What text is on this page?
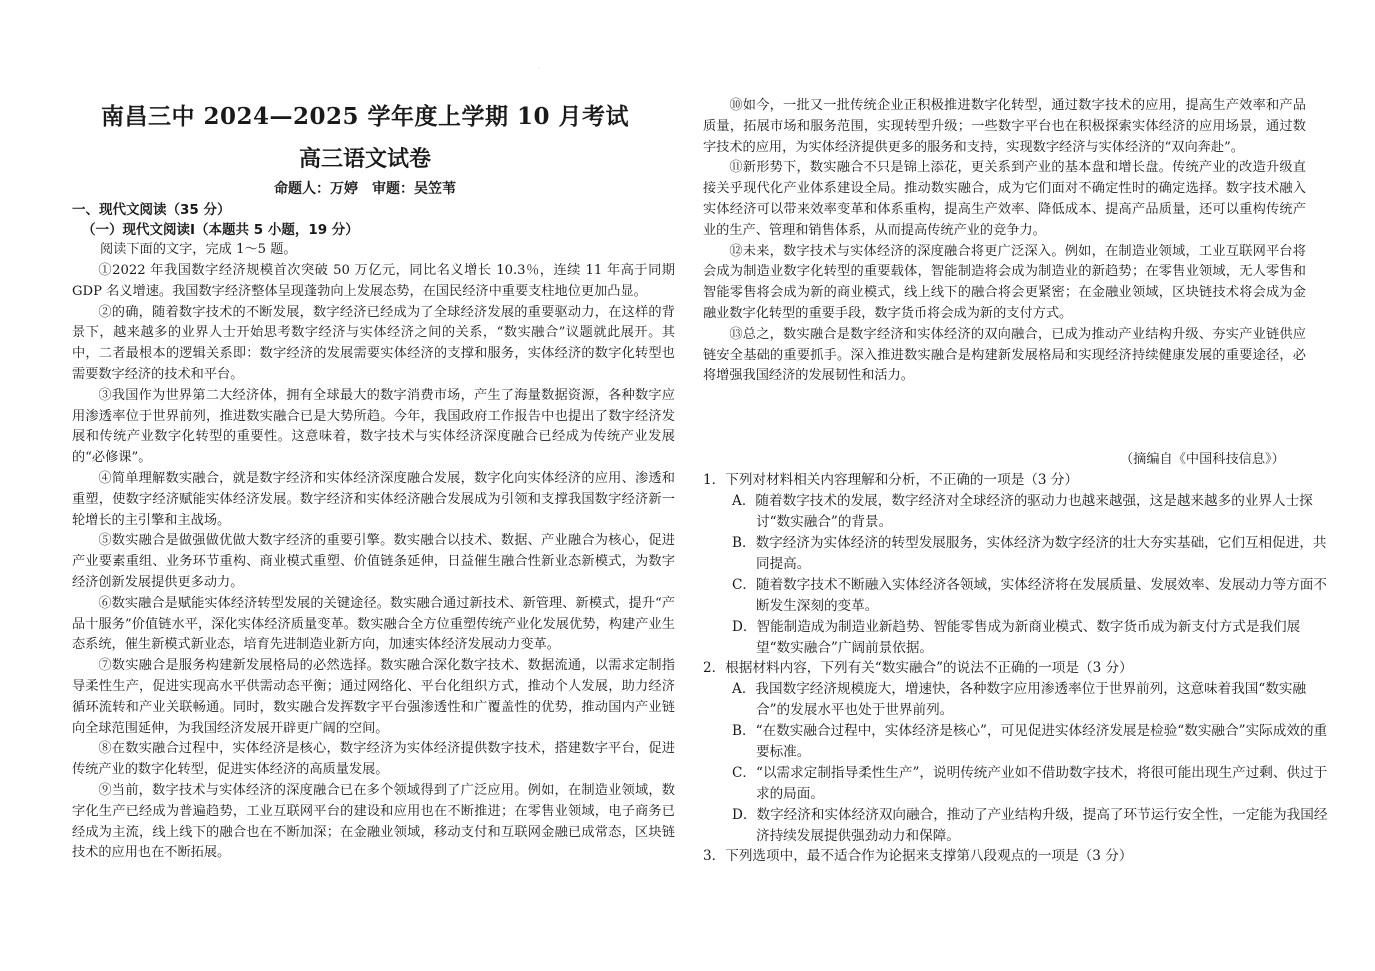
·
南昌三中 2024—2025 学年度上学期 10 月考试
高三语文试卷
命题人：万婷　审题：吴笠苇
一、现代文阅读（35 分）
（一）现代文阅读Ⅰ（本题共 5 小题，19 分）
阅读下面的文字，完成 1～5 题。

①2022 年我国数字经济规模首次突破 50 万亿元，同比名义增长 10.3％，连续 11 年高于同期 GDP 名义增速。我国数字经济整体呈现蓬勃向上发展态势，在国民经济中重要支柱地位更加凸显。

②的确，随着数字技术的不断发展，数字经济已经成为了全球经济发展的重要驱动力，在这样的背景下，越来越多的业界人士开始思考数字经济与实体经济之间的关系，“数实融合”议题就此展开。其中，二者最根本的逻辑关系即：数字经济的发展需要实体经济的支撑和服务，实体经济的数字化转型也需要数字经济的技术和平台。

③我国作为世界第二大经济体，拥有全球最大的数字消费市场，产生了海量数据资源，各种数字应用渗透率位于世界前列，推进数实融合已是大势所趋。今年，我国政府工作报告中也提出了数字经济发展和传统产业数字化转型的重要性。这意味着，数字技术与实体经济深度融合已经成为传统产业发展的“必修课”。

④简单理解数实融合，就是数字经济和实体经济深度融合发展，数字化向实体经济的应用、渗透和重塑，使数字经济赋能实体经济发展。数字经济和实体经济融合发展成为引领和支撑我国数字经济新一轮增长的主引擎和主战场。

⑤数实融合是做强做优做大数字经济的重要引擎。数实融合以技术、数据、产业融合为核心，促进产业要素重组、业务环节重构、商业模式重塑、价值链条延伸，日益催生融合性新业态新模式，为数字经济创新发展提供更多动力。

⑥数实融合是赋能实体经济转型发展的关键途径。数实融合通过新技术、新管理、新模式，提升“产品十服务”价值链水平，深化实体经济质量变革。数实融合全方位重塑传统产业化发展优势，构建产业生态系统，催生新模式新业态，培育先进制造业新方向，加速实体经济发展动力变革。

⑦数实融合是服务构建新发展格局的必然选择。数实融合深化数字技术、数据流通，以需求定制指导柔性生产，促进实现高水平供需动态平衡；通过网络化、平台化组织方式，推动个人发展，助力经济循环流转和产业关联畅通。同时，数实融合发挥数字平台强渗透性和广覆盖性的优势，推动国内产业链向全球范围延伸，为我国经济发展开辟更广阔的空间。

⑧在数实融合过程中，实体经济是核心，数字经济为实体经济提供数字技术，搭建数字平台，促进传统产业的数字化转型，促进实体经济的高质量发展。

⑨当前，数字技术与实体经济的深度融合已在多个领域得到了广泛应用。例如，在制造业领域，数字化生产已经成为普遍趋势，工业互联网平台的建设和应用也在不断推进；在零售业领域，电子商务已经成为主流，线上线下的融合也在不断加深；在金融业领域，移动支付和互联网金融已成常态，区块链技术的应用也在不断拓展。

⑩如今，一批又一批传统企业正积极推进数字化转型，通过数字技术的应用，提高生产效率和产品质量，拓展市场和服务范围，实现转型升级；一些数字平台也在积极探索实体经济的应用场景，通过数字技术的应用，为实体经济提供更多的服务和支持，实现数字经济与实体经济的“双向奔赴”。

⑪新形势下，数实融合不只是锦上添花，更关系到产业的基本盘和增长盘。传统产业的改造升级直接关乎现代化产业体系建设全局。推动数实融合，成为它们面对不确定性时的确定选择。数字技术融入实体经济可以带来效率变革和体系重构，提高生产效率、降低成本、提高产品质量，还可以重构传统产业的生产、管理和销售体系，从而提高传统产业的竞争力。

⑫未来，数字技术与实体经济的深度融合将更广泛深入。例如，在制造业领域，工业互联网平台将会成为制造业数字化转型的重要载体，智能制造将会成为制造业的新趋势；在零售业领域，无人零售和智能零售将会成为新的商业模式，线上线下的融合将会更紧密；在金融业领域，区块链技术将会成为金融业数字化转型的重要手段，数字货币将会成为新的支付方式。

⑬总之，数实融合是数字经济和实体经济的双向融合，已成为推动产业结构升级、夯实产业链供应链安全基础的重要抓手。深入推进数实融合是构建新发展格局和实现经济持续健康发展的重要途径，必将增强我国经济的发展韧性和活力。

（摘编自《中国科技信息》）
1．下列对材料相关内容理解和分析，不正确的一项是（3 分）
A．随着数字技术的发展，数字经济对全球经济的驱动力也越来越强，这是越来越多的业界人士探讨“数实融合”的背景。
B．数字经济为实体经济的转型发展服务，实体经济为数字经济的壮大夯实基础，它们互相促进，共同提高。
C．随着数字技术不断融入实体经济各领域，实体经济将在发展质量、发展效率、发展动力等方面不断发生深刻的变革。
D．智能制造成为制造业新趋势、智能零售成为新商业模式、数字货币成为新支付方式是我们展望“数实融合”广阔前景依据。
2．根据材料内容，下列有关“数实融合”的说法不正确的一项是（3 分）
A．我国数字经济规模庞大，增速快，各种数字应用渗透率位于世界前列，这意味着我国“数实融合”的发展水平也处于世界前列。
B．“在数实融合过程中，实体经济是核心”，可见促进实体经济发展是检验“数实融合”实际成效的重要标准。
C．“以需求定制指导柔性生产”，说明传统产业如不借助数字技术，将很可能出现生产过剩、供过于求的局面。
D．数字经济和实体经济双向融合，推动了产业结构升级，提高了环节运行安全性，一定能为我国经济持续发展提供强劲动力和保障。
3．下列选项中，最不适合作为论据来支撑第八段观点的一项是（3 分）
